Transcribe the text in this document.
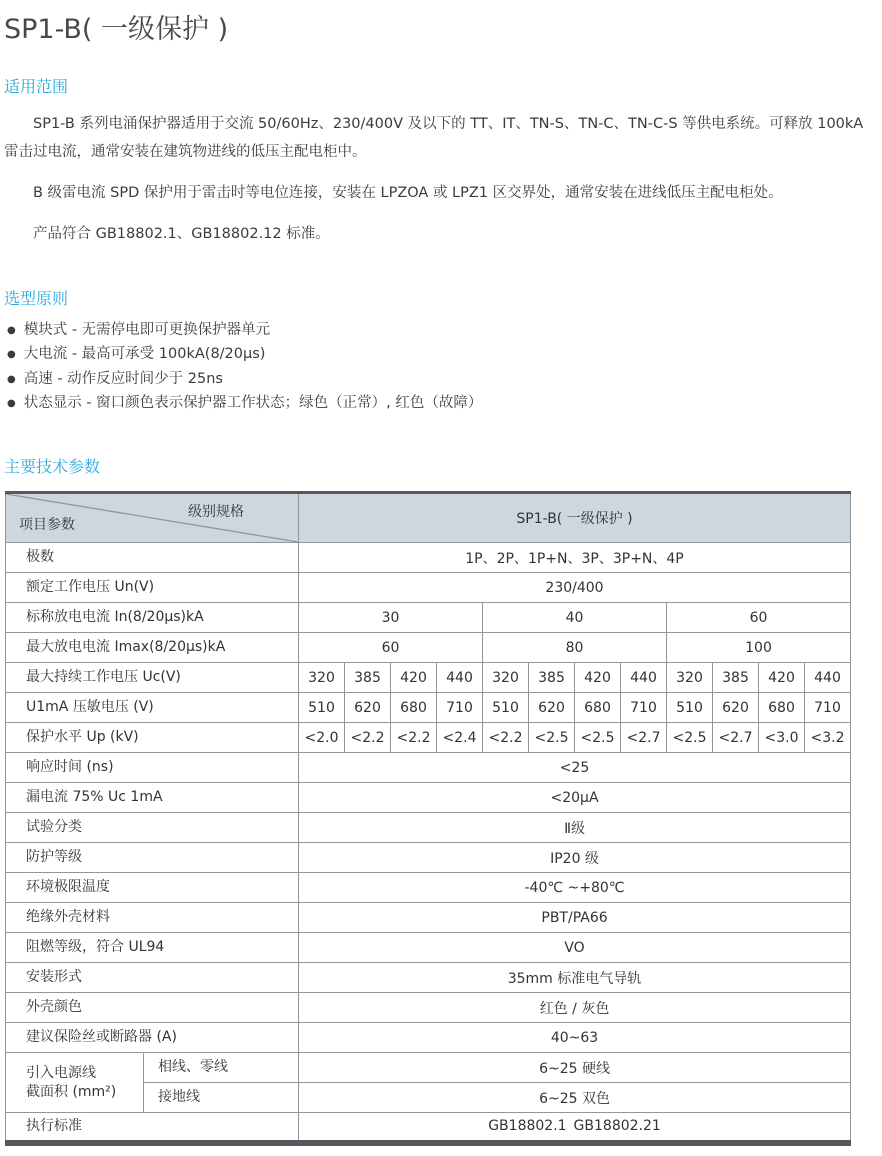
SP1-B( 一级保护 )
适用范围

SP1-B 系列电涌保护器适用于交流 50/60Hz、230/400V 及以下的 TT、IT、TN-S、TN-C、TN-C-S 等供电系统。可释放 100kA 雷击过电流，通常安装在建筑物进线的低压主配电柜中。

B 级雷电流 SPD 保护用于雷击时等电位连接，安装在 LPZOA 或 LPZ1 区交界处，通常安装在进线低压主配电柜处。

产品符合 GB18802.1、GB18802.12 标准。

选型原则
● 模块式 - 无需停电即可更换保护器单元
● 大电流 - 最高可承受 100kA(8/20μs)
● 高速 - 动作反应时间少于 25ns
● 状态显示 - 窗口颜色表示保护器工作状态；绿色（正常）, 红色（故障）
主要技术参数
级别规格
项目参数		SP1-B( 一级保护 )											
极数		1P、2P、1P+N、3P、3P+N、4P											
额定工作电压 Un(V)		230/400											
标称放电电流 In(8/20μs)kA		30				40				60			
最大放电电流 Imax(8/20μs)kA		60				80				100			
最大持续工作电压 Uc(V)		320	385	420	440	320	385	420	440	320	385	420	440
U1mA 压敏电压 (V)		510	620	680	710	510	620	680	710	510	620	680	710
保护水平 Up (kV)		<2.0	<2.2	<2.2	<2.4	<2.2	<2.5	<2.5	<2.7	<2.5	<2.7	<3.0	<3.2
响应时间 (ns)		<25											
漏电流 75% Uc 1mA		<20μA											
试验分类		Ⅱ级											
防护等级		IP20 级											
环境极限温度		-40℃ ~+80℃											
绝缘外壳材料		PBT/PA66											
阻燃等级，符合 UL94		VO											
安装形式		35mm 标准电气导轨											
外壳颜色		红色 / 灰色											
建议保险丝或断路器 (A)		40~63											
引入电源线
截面积 (mm²)	相线、零线	6~25 硬线											
	接地线	6~25 双色											
执行标准		GB18802.1 GB18802.21											
